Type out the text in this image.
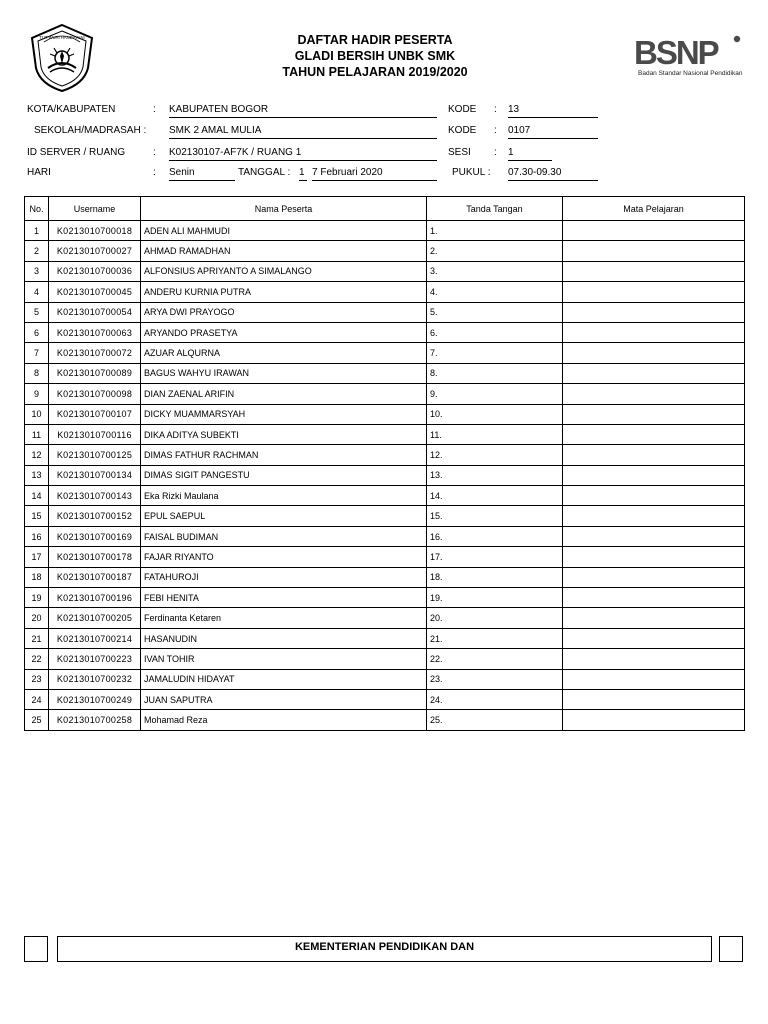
TUT WURI HANDAYANI	DAFTAR HADIR PESERTA
GLADI BERSIH UNBK SMK
TAHUN PELAJARAN 2019/2020
BSNP
Badan Standar Nasional Pendidikan
KOTA/KABUPATEN	: KABUPATEN BOGOR	KODE : 13
SEKOLAH/MADRASAH : SMK 2 AMAL MULIA	KODE : 0107
ID SERVER / RUANG	: K02130107-AF7K / RUANG 1	SESI : 1
HARI	: Senin	TANGGAL : 1 7 Februari 2020	PUKUL : 07.30-09.30
No.	Username	Nama Peserta	Tanda Tangan	Mata Pelajaran
1	K0213010700018	ADEN ALI MAHMUDI	1.	
2	K0213010700027	AHMAD RAMADHAN	2.	
3	K0213010700036	ALFONSIUS APRIYANTO A SIMALANGO	3.	
4	K0213010700045	ANDERU KURNIA PUTRA	4.	
5	K0213010700054	ARYA DWI PRAYOGO	5.	
6	K0213010700063	ARYANDO PRASETYA	6.	
7	K0213010700072	AZUAR ALQURNA	7.	
8	K0213010700089	BAGUS WAHYU IRAWAN	8.	
9	K0213010700098	DIAN ZAENAL ARIFIN	9.	
10	K0213010700107	DICKY MUAMMARSYAH	10.	
11	K0213010700116	DIKA ADITYA SUBEKTI	11.	
12	K0213010700125	DIMAS FATHUR RACHMAN	12.	
13	K0213010700134	DIMAS SIGIT PANGESTU	13.	
14	K0213010700143	Eka Rizki Maulana	14.	
15	K0213010700152	EPUL SAEPUL	15.	
16	K0213010700169	FAISAL BUDIMAN	16.	
17	K0213010700178	FAJAR RIYANTO	17.	
18	K0213010700187	FATAHUROJI	18.	
19	K0213010700196	FEBI HENITA	19.	
20	K0213010700205	Ferdinanta Ketaren	20.	
21	K0213010700214	HASANUDIN	21.	
22	K0213010700223	IVAN TOHIR	22.	
23	K0213010700232	JAMALUDIN HIDAYAT	23.	
24	K0213010700249	JUAN SAPUTRA	24.	
25	K0213010700258	Mohamad Reza	25.	
KEMENTERIAN PENDIDIKAN DAN
